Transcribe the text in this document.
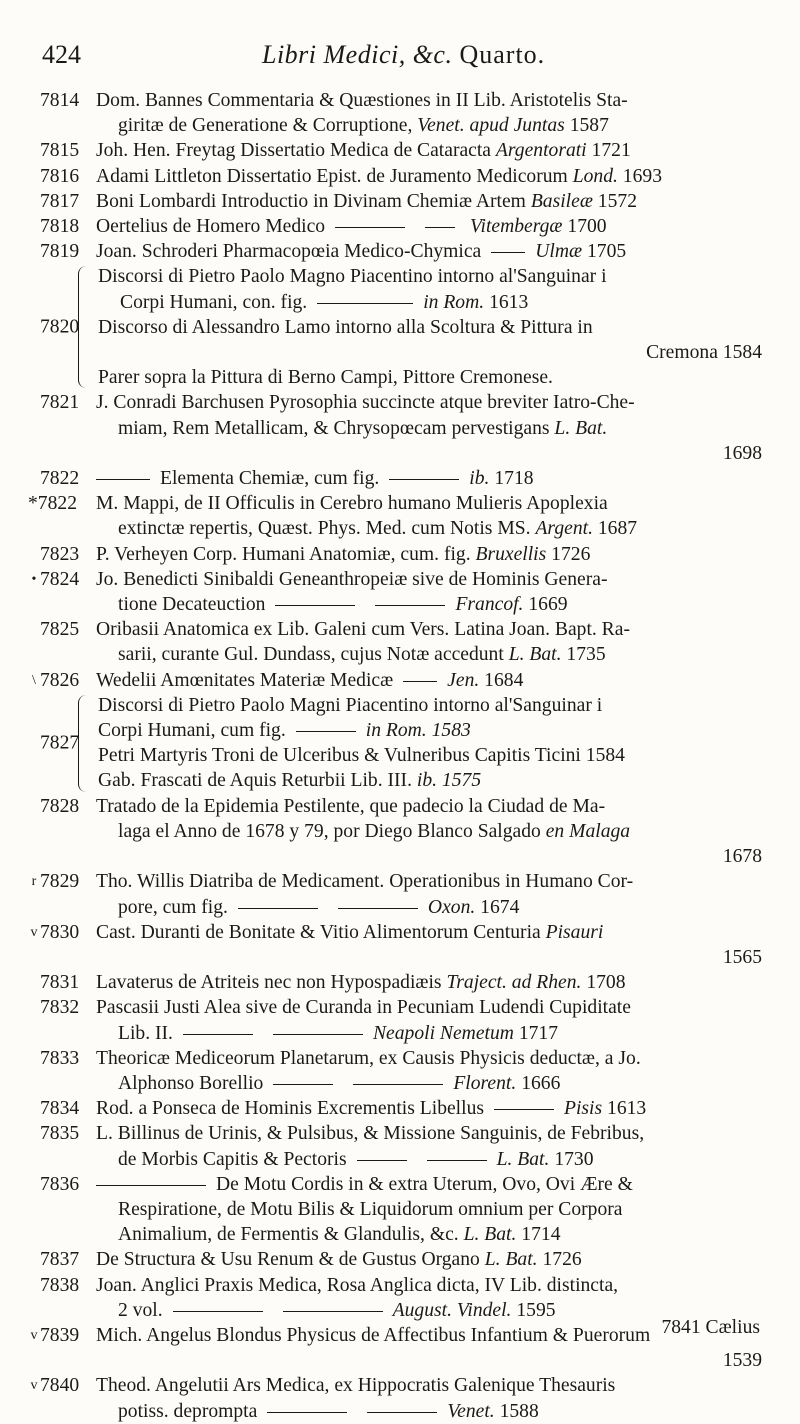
424	Libri Medici, &c. Quarto.
7814 Dom. Bannes Commentaria & Quæstiones in II Lib. Aristotelis Sta-
giritæ de Generatione & Corruptione, Venet. apud Juntas 1587
7815 Joh. Hen. Freytag Dissertatio Medica de Cataracta Argentorati 1721
7816 Adami Littleton Dissertatio Epist. de Juramento Medicorum Lond. 1693
7817 Boni Lombardi Introductio in Divinam Chemiæ Artem Basileæ 1572
7818 Oertelius de Homero Medico	Vitembergæ 1700
7819 Joan. Schroderi Pharmacopœia Medico-Chymica	Ulmæ 1705
7820
Discorsi di Pietro Paolo Magno Piacentino intorno al'Sanguinar i
Corpi Humani, con. fig.	in Rom. 1613
Discorso di Alessandro Lamo intorno alla Scoltura & Pittura in
Cremona 1584
Parer sopra la Pittura di Berno Campi, Pittore Cremonese.
7821 J. Conradi Barchusen Pyrosophia succincte atque breviter Iatro-Che-
miam, Rem Metallicam, & Chrysopœcam pervestigans L. Bat.
1698
7822	Elementa Chemiæ, cum fig.	ib. 1718
*7822 M. Mappi, de II Officulis in Cerebro humano Mulieris Apoplexia
extinctæ repertis, Quæst. Phys. Med. cum Notis MS. Argent. 1687
7823 P. Verheyen Corp. Humani Anatomiæ, cum. fig. Bruxellis 1726
• 7824 Jo. Benedicti Sinibaldi Geneanthropeiæ sive de Hominis Genera-
tione Decateuction	Francof. 1669
7825 Oribasii Anatomica ex Lib. Galeni cum Vers. Latina Joan. Bapt. Ra-
sarii, curante Gul. Dundass, cujus Notæ accedunt L. Bat. 1735
\ 7826 Wedelii Amœnitates Materiæ Medicæ	Jen. 1684
7827
Discorsi di Pietro Paolo Magni Piacentino intorno al'Sanguinar i
Corpi Humani, cum fig.	in Rom. 1583
Petri Martyris Troni de Ulceribus & Vulneribus Capitis Ticini 1584
Gab. Frascati de Aquis Returbii Lib. III. ib. 1575
7828 Tratado de la Epidemia Pestilente, que padecio la Ciudad de Ma-
laga el Anno de 1678 y 79, por Diego Blanco Salgado en Malaga
1678
r 7829 Tho. Willis Diatriba de Medicament. Operationibus in Humano Cor-
pore, cum fig.	Oxon. 1674
v 7830 Cast. Duranti de Bonitate & Vitio Alimentorum Centuria Pisauri
1565
7831 Lavaterus de Atriteis nec non Hypospadiæis Traject. ad Rhen. 1708
7832 Pascasii Justi Alea sive de Curanda in Pecuniam Ludendi Cupiditate
Lib. II.	Neapoli Nemetum 1717
7833 Theoricæ Mediceorum Planetarum, ex Causis Physicis deductæ, a Jo.
Alphonso Borellio	Florent. 1666
7834 Rod. a Ponseca de Hominis Excrementis Libellus	Pisis 1613
7835 L. Billinus de Urinis, & Pulsibus, & Missione Sanguinis, de Febribus,
de Morbis Capitis & Pectoris	L. Bat. 1730
7836	De Motu Cordis in & extra Uterum, Ovo, Ovi Ære &
Respiratione, de Motu Bilis & Liquidorum omnium per Corpora
Animalium, de Fermentis & Glandulis, &c. L. Bat. 1714
7837 De Structura & Usu Renum & de Gustus Organo L. Bat. 1726
7838 Joan. Anglici Praxis Medica, Rosa Anglica dicta, IV Lib. distincta,
2 vol.	August. Vindel. 1595
v 7839 Mich. Angelus Blondus Physicus de Affectibus Infantium & Puerorum
1539
v 7840 Theod. Angelutii Ars Medica, ex Hippocratis Galenique Thesauris
potiss. deprompta	Venet. 1588
7841 Cælius
